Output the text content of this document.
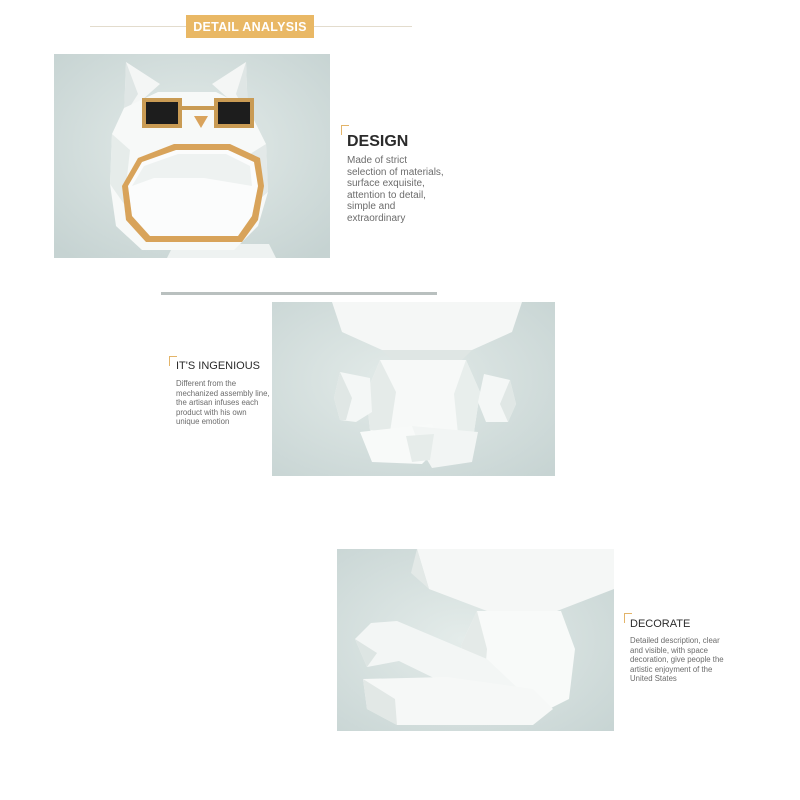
DETAIL ANALYSIS
DESIGN
Made of strict selection of materials, surface exquisite, attention to detail, simple and extraordinary
IT'S INGENIOUS
Different from the mechanized assembly line, the artisan infuses each product with his own unique emotion
DECORATE
Detailed description, clear and visible, with space decoration, give people the artistic enjoyment of the United States
